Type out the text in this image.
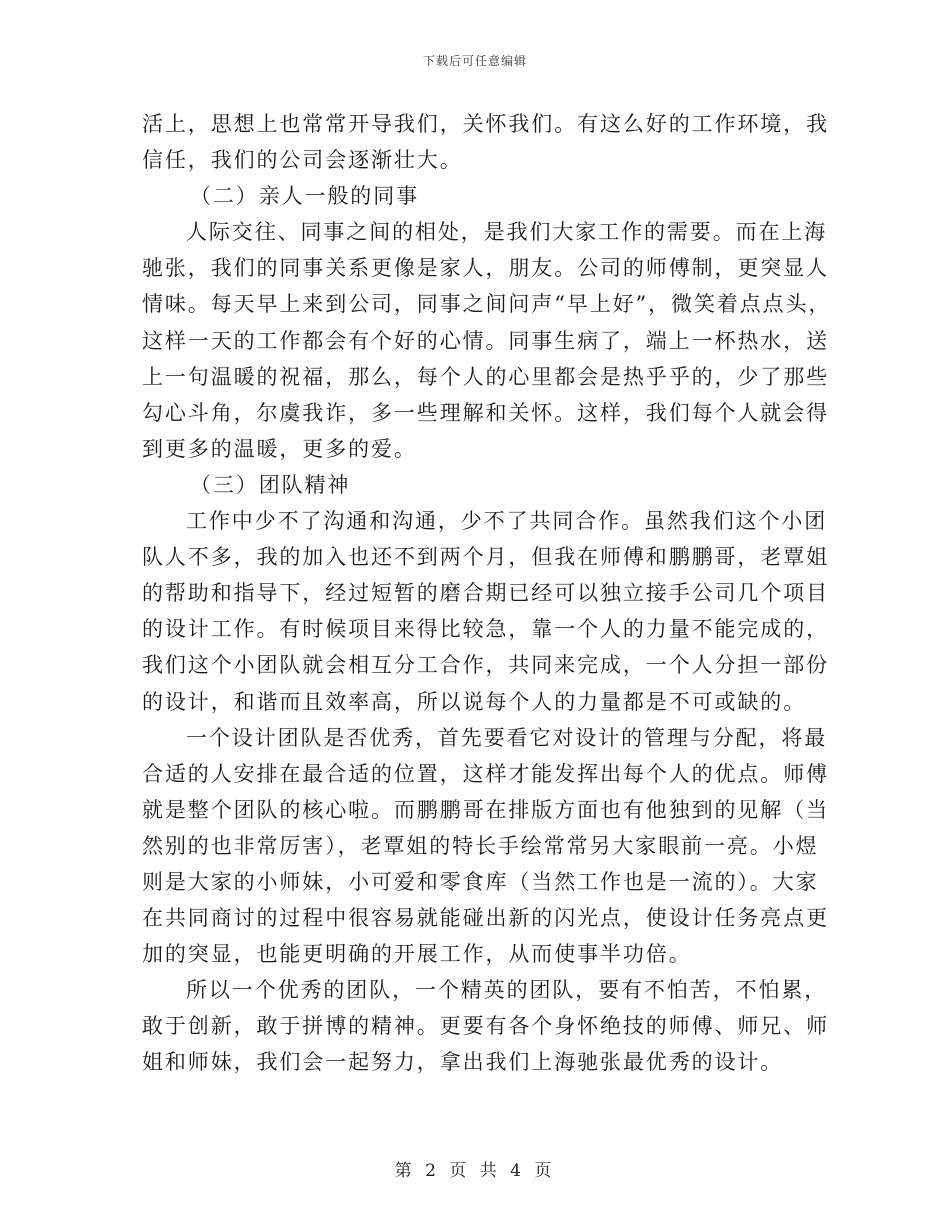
下载后可任意编辑
活上，思想上也常常开导我们，关怀我们。有这么好的工作环境，我
信任，我们的公司会逐渐壮大。
（二）亲人一般的同事
人际交往、同事之间的相处，是我们大家工作的需要。而在上海
驰张，我们的同事关系更像是家人，朋友。公司的师傅制，更突显人
情味。每天早上来到公司，同事之间问声“早上好”，微笑着点点头，
这样一天的工作都会有个好的心情。同事生病了，端上一杯热水，送
上一句温暖的祝福，那么，每个人的心里都会是热乎乎的，少了那些
勾心斗角，尔虞我诈，多一些理解和关怀。这样，我们每个人就会得
到更多的温暖，更多的爱。
（三）团队精神
工作中少不了沟通和沟通，少不了共同合作。虽然我们这个小团
队人不多，我的加入也还不到两个月，但我在师傅和鹏鹏哥，老覃姐
的帮助和指导下，经过短暂的磨合期已经可以独立接手公司几个项目
的设计工作。有时候项目来得比较急，靠一个人的力量不能完成的，
我们这个小团队就会相互分工合作，共同来完成，一个人分担一部份
的设计，和谐而且效率高，所以说每个人的力量都是不可或缺的。
一个设计团队是否优秀，首先要看它对设计的管理与分配，将最
合适的人安排在最合适的位置，这样才能发挥出每个人的优点。师傅
就是整个团队的核心啦。而鹏鹏哥在排版方面也有他独到的见解（当
然别的也非常厉害），老覃姐的特长手绘常常另大家眼前一亮。小煜
则是大家的小师妹，小可爱和零食库（当然工作也是一流的）。大家
在共同商讨的过程中很容易就能碰出新的闪光点，使设计任务亮点更
加的突显，也能更明确的开展工作，从而使事半功倍。
所以一个优秀的团队，一个精英的团队，要有不怕苦，不怕累，
敢于创新，敢于拼博的精神。更要有各个身怀绝技的师傅、师兄、师
姐和师妹，我们会一起努力，拿出我们上海驰张最优秀的设计。
第 2 页 共 4 页
